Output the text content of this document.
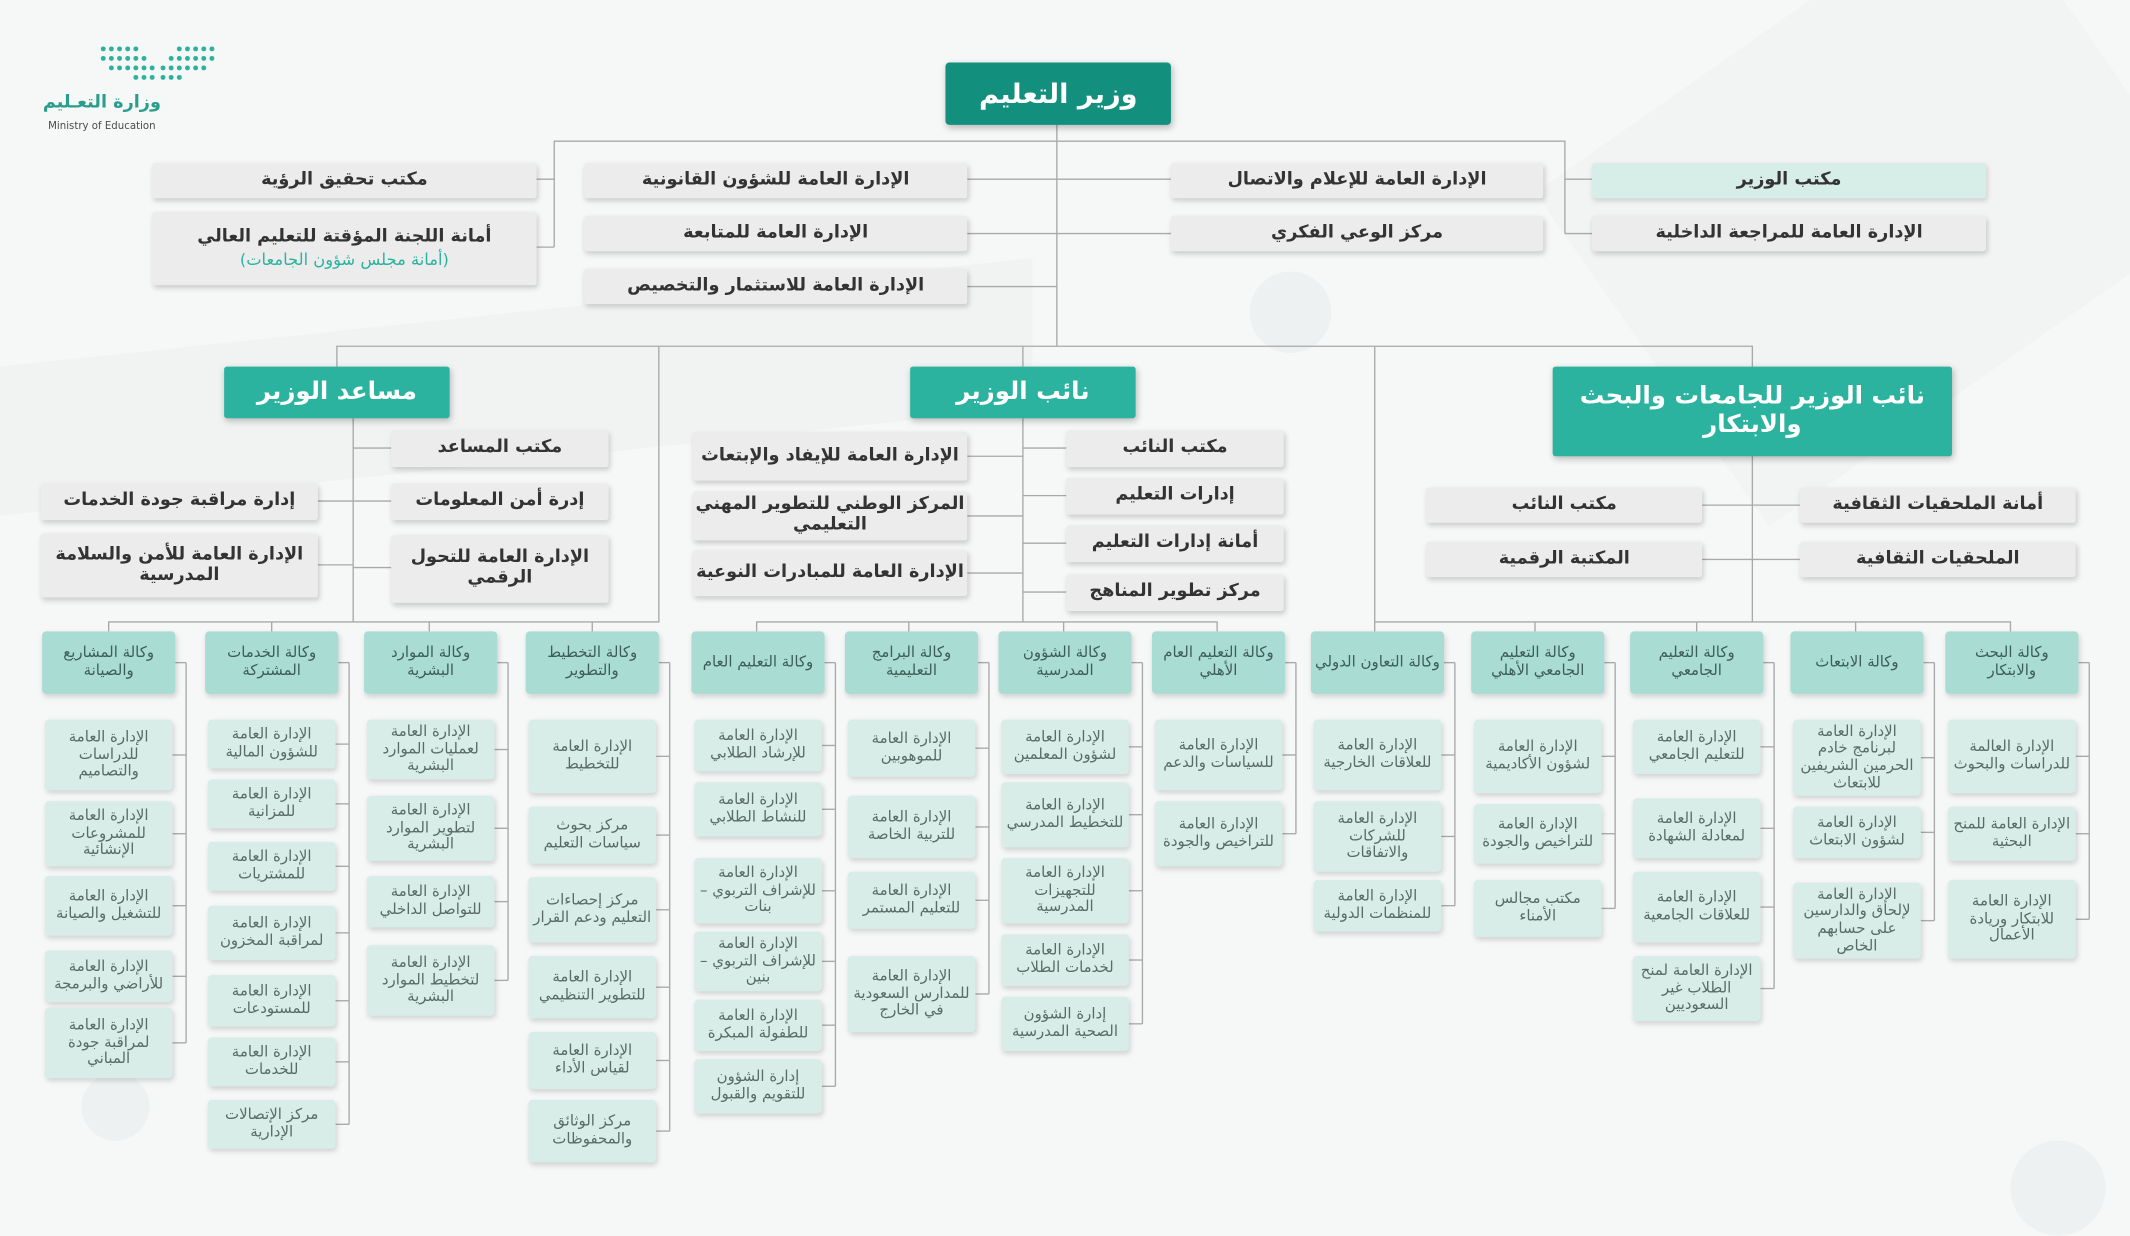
وزارة التعـليم
Ministry of Education
وزير التعليم
مكتب تحقيق الرؤية
أمانة اللجنة المؤقتة للتعليم العالي
(أمانة مجلس شؤون الجامعات)
الإدارة العامة للشؤون القانونية
الإدارة العامة للمتابعة
الإدارة العامة للاستثمار والتخصيص
الإدارة العامة للإعلام والاتصال
مركز الوعي الفكري
مكتب الوزير
الإدارة العامة للمراجعة الداخلية
مساعد الوزير
مكتب المساعد
إدرة أمن المعلومات
الإدارة العامة للتحول الرقمي
إدارة مراقبة جودة الخدمات
الإدارة العامة للأمن والسلامة المدرسية
نائب الوزير
مكتب النائب
إدارات التعليم
أمانة إدارات التعليم
مركز تطوير المناهج
الإدارة العامة للإيفاد والإبتعاث
المركز الوطني للتطوير المهني التعليمي
الإدارة العامة للمبادرات النوعية
نائب الوزير للجامعات والبحث والابتكار
مكتب النائب
المكتبة الرقمية
أمانة الملحقيات الثقافية
الملحقيات الثقافية
وكالة المشاريع والصيانة
الإدارة العامة للدراسات والتصاميم
الإدارة العامة للمشروعات الإنشائية
الإدارة العامة للتشغيل والصيانة
الإدارة العامة للأراضي والبرمجة
الإدارة العامة لمراقبة جودة المباني
وكالة الخدمات المشتركة
الإدارة العامة للشؤون المالية
الإدارة العامة للمزانية
الإدارة العامة للمشتريات
الإدارة العامة لمراقبة المخزون
الإدارة العامة للمستودعات
الإدارة العامة للخدمات
مركز الإتصالات الإدارية
وكالة الموارد البشرية
الإدارة العامة لعمليات الموارد البشرية
الإدارة العامة لتطوير الموارد البشرية
الإدارة العامة للتواصل الداخلي
الإدارة العامة لتخطيط الموارد البشرية
وكالة التخطيط والتطوير
الإدارة العامة للتخطيط
مركز بحوث سياسات التعليم
مركز إحصاءات التعليم ودعم القرار
الإدارة العامة للتطوير التنظيمي
الإدارة العامة لقياس الأداء
مركز الوثائق والمحفوظات
وكالة التعليم العام
الإدارة العامة للإرشاد الطلابي
الإدارة العامة للنشاط الطلابي
الإدارة العامة للإشراف التربوي – بنات
الإدارة العامة للإشراف التربوي – بنين
الإدارة العامة للطفولة المبكرة
إدارة الشؤون للتقويم والقبول
وكالة البرامج التعليمية
الإدارة العامة للموهوبين
الإدارة العامة للتربية الخاصة
الإدارة العامة للتعليم المستمر
الإدارة العامة للمدارس السعودية في الخارج
وكالة الشؤون المدرسية
الإدارة العامة لشؤون المعلمين
الإدارة العامة للتخطيط المدرسي
الإدارة العامة للتجهيزات المدرسية
الإدارة العامة لخدمات الطلاب
إدارة الشؤون الصحية المدرسية
وكالة التعليم العام الأهلي
الإدارة العامة للسياسات والدعم
الإدارة العامة للتراخيص والجودة
وكالة التعاون الدولي
الإدارة العامة للعلاقات الخارجية
الإدارة العامة للشركات والاتفاقات
الإدارة العامة للمنظمات الدولية
وكالة التعليم الجامعي الأهلي
الإدارة العامة لشؤون الأكاديمية
الإدارة العامة للتراخيص والجودة
مكتب مجالس الأمناء
وكالة التعليم الجامعي
الإدارة العامة للتعليم الجامعي
الإدارة العامة لمعادلة الشهادة
الإدارة العامة للعلاقات الجامعية
الإدارة العامة لمنح الطلاب غير السعوديين
وكالة الابتعاث
الإدارة العامة لبرنامج خادم الحرمين الشريفين للابتعاث
الإدارة العامة لشؤون الابتعاث
الإدارة العامة لإلحاق والدارسين على حسابهم الخاص
وكالة البحث والابتكار
الإدارة العالمة للدراسات والبحوث
الإدارة العامة للمنح البحثية
الإدارة العامة للابتكار وريادة الأعمال
